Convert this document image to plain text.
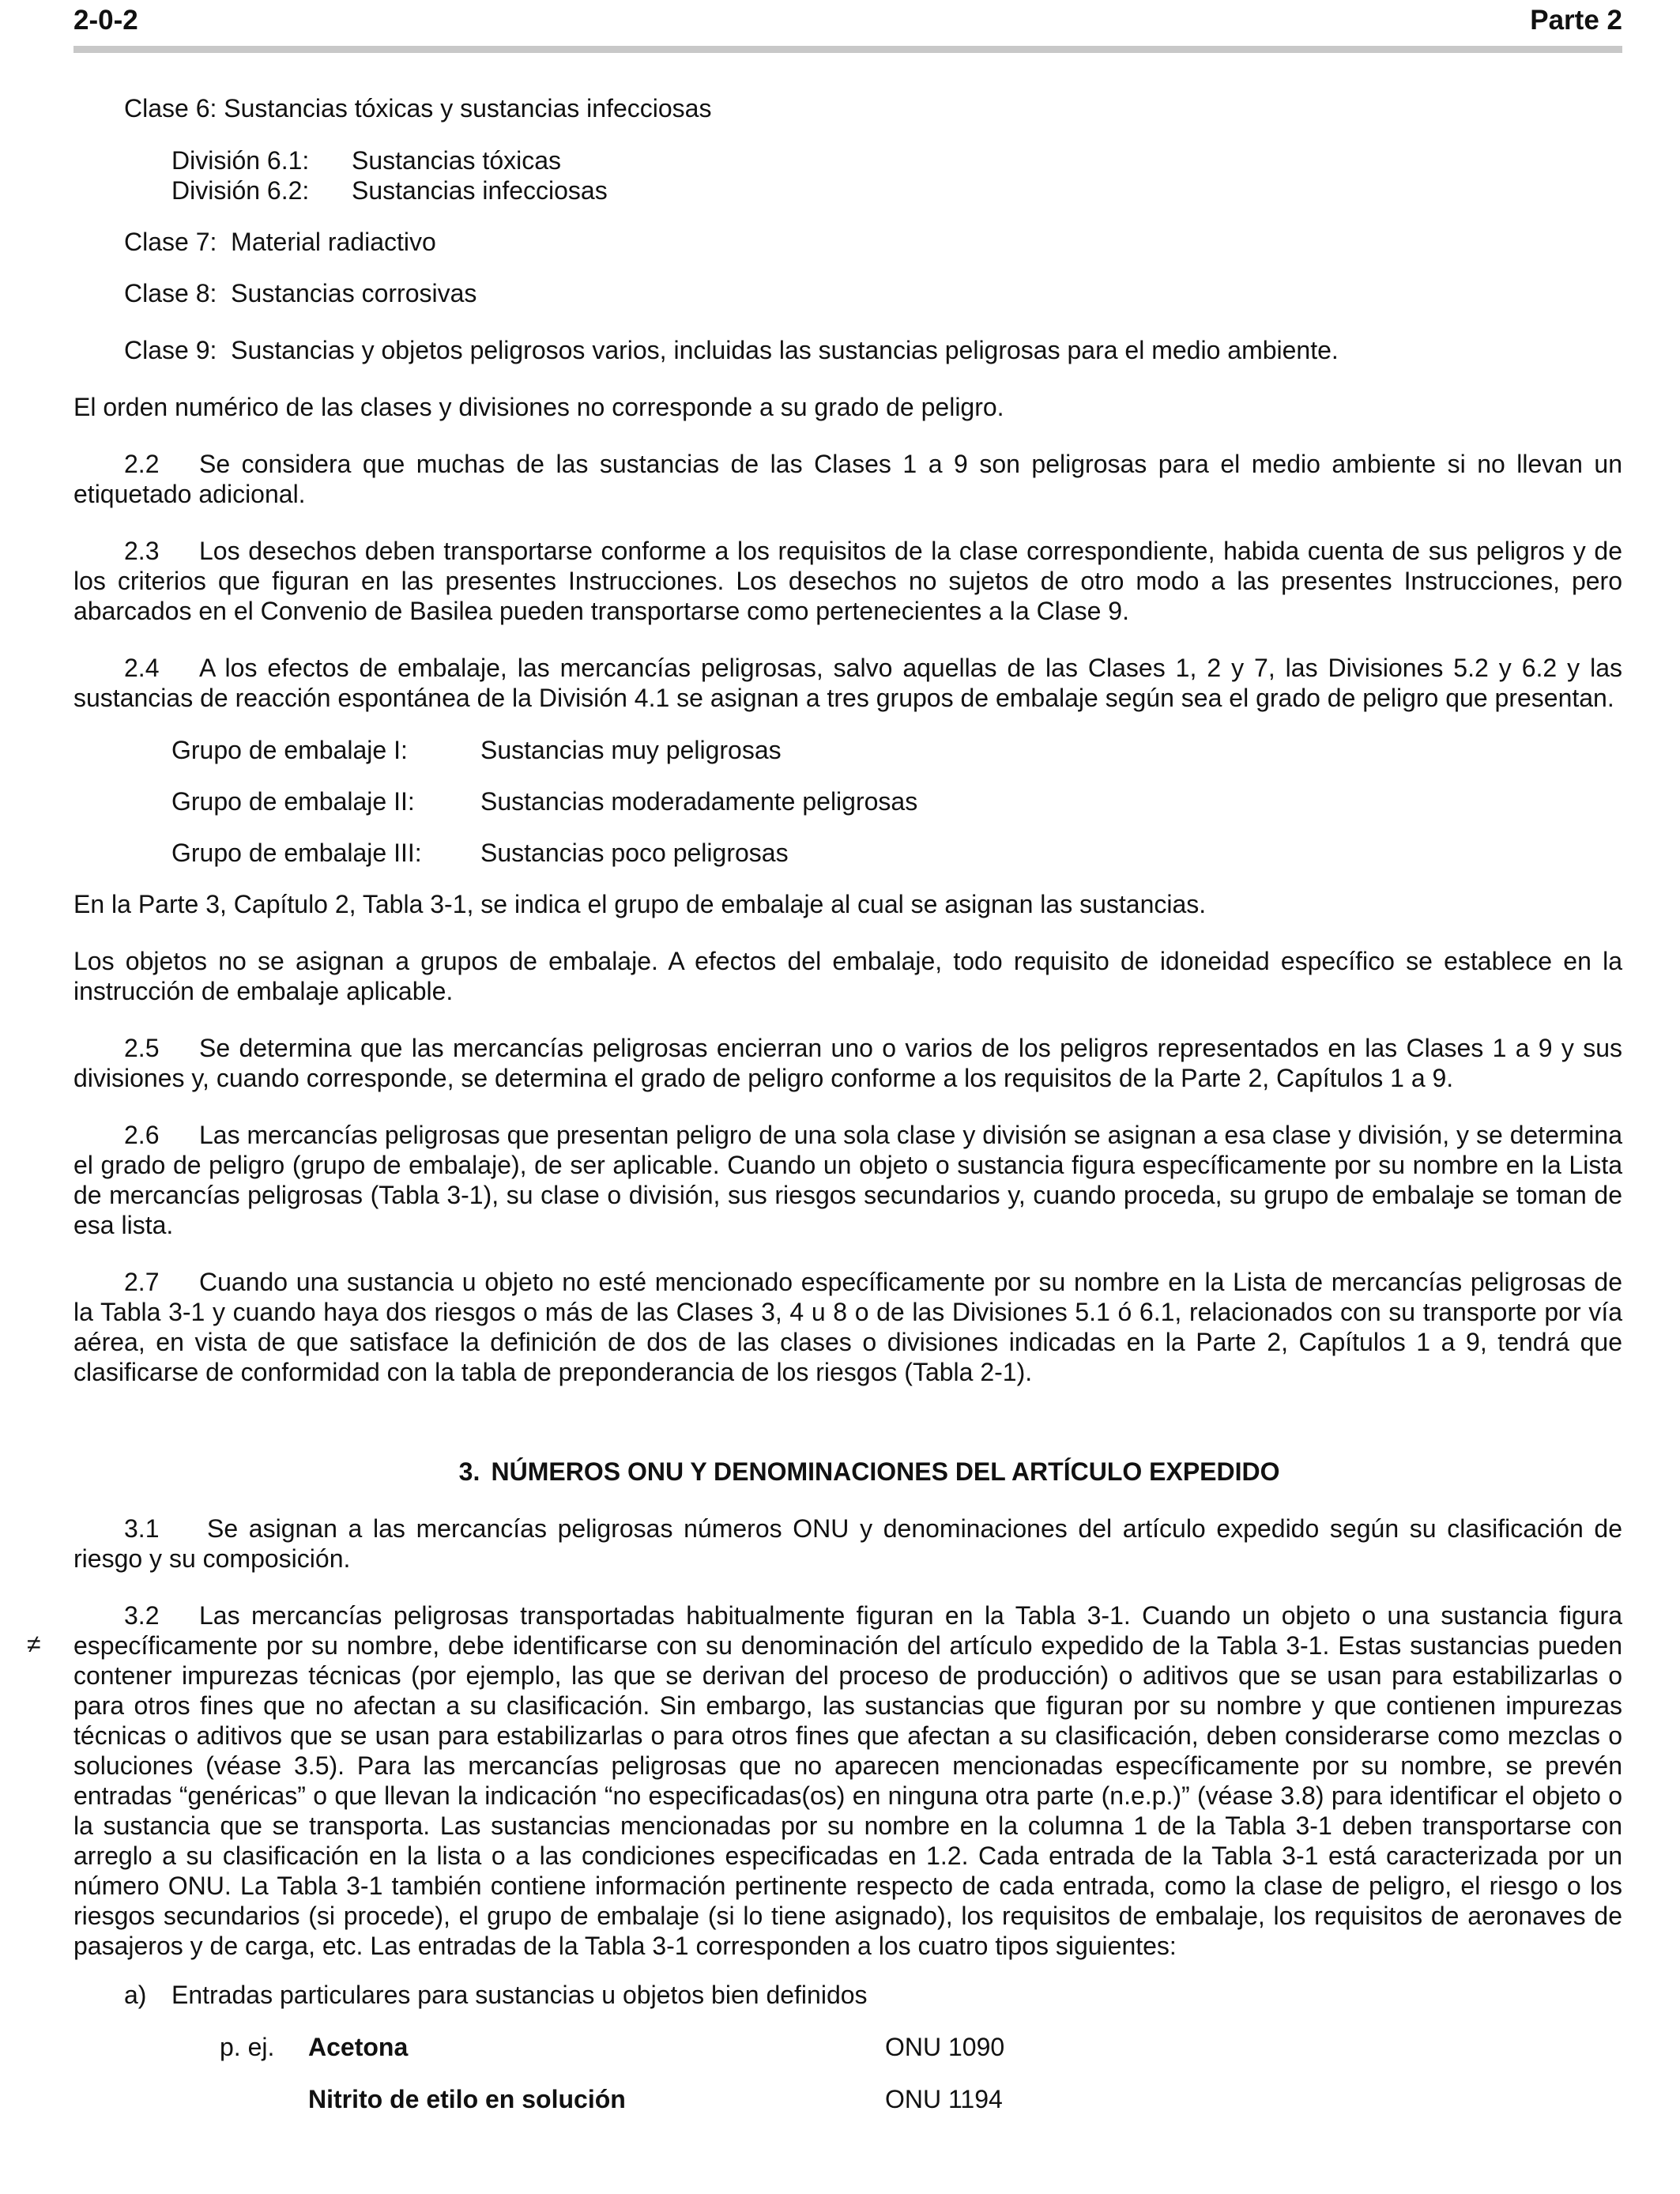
2-0-2	Parte 2
≠

Clase 6: Sustancias tóxicas y sustancias infecciosas

División 6.1:	Sustancias tóxicas
División 6.2:	Sustancias infecciosas

Clase 7:  Material radiactivo

Clase 8:  Sustancias corrosivas

Clase 9:  Sustancias y objetos peligrosos varios, incluidas las sustancias peligrosas para el medio ambiente.

El orden numérico de las clases y divisiones no corresponde a su grado de peligro.

2.2 Se considera que muchas de las sustancias de las Clases 1 a 9 son peligrosas para el medio ambiente si no llevan un etiquetado adicional.

2.3 Los desechos deben transportarse conforme a los requisitos de la clase correspondiente, habida cuenta de sus peligros y de los criterios que figuran en las presentes Instrucciones. Los desechos no sujetos de otro modo a las presentes Instrucciones, pero abarcados en el Convenio de Basilea pueden transportarse como pertenecientes a la Clase 9.

2.4 A los efectos de embalaje, las mercancías peligrosas, salvo aquellas de las Clases 1, 2 y 7, las Divisiones 5.2 y 6.2 y las sustancias de reacción espontánea de la División 4.1 se asignan a tres grupos de embalaje según sea el grado de peligro que presentan.

Grupo de embalaje I:	Sustancias muy peligrosas
Grupo de embalaje II:	Sustancias moderadamente peligrosas
Grupo de embalaje III:	Sustancias poco peligrosas

En la Parte 3, Capítulo 2, Tabla 3-1, se indica el grupo de embalaje al cual se asignan las sustancias.

Los objetos no se asignan a grupos de embalaje. A efectos del embalaje, todo requisito de idoneidad específico se establece en la instrucción de embalaje aplicable.

2.5 Se determina que las mercancías peligrosas encierran uno o varios de los peligros representados en las Clases 1 a 9 y sus divisiones y, cuando corresponde, se determina el grado de peligro conforme a los requisitos de la Parte 2, Capítulos 1 a 9.

2.6 Las mercancías peligrosas que presentan peligro de una sola clase y división se asignan a esa clase y división, y se determina el grado de peligro (grupo de embalaje), de ser aplicable. Cuando un objeto o sustancia figura específicamente por su nombre en la Lista de mercancías peligrosas (Tabla 3-1), su clase o división, sus riesgos secundarios y, cuando proceda, su grupo de embalaje se toman de esa lista.

2.7 Cuando una sustancia u objeto no esté mencionado específicamente por su nombre en la Lista de mercancías peligrosas de la Tabla 3-1 y cuando haya dos riesgos o más de las Clases 3, 4 u 8 o de las Divisiones 5.1 ó 6.1, relacionados con su transporte por vía aérea, en vista de que satisface la definición de dos de las clases o divisiones indicadas en la Parte 2, Capítulos 1 a 9, tendrá que clasificarse de conformidad con la tabla de preponderancia de los riesgos (Tabla 2-1).

3. NÚMEROS ONU Y DENOMINACIONES DEL ARTÍCULO EXPEDIDO

3.1 Se asignan a las mercancías peligrosas números ONU y denominaciones del artículo expedido según su clasificación de riesgo y su composición.

3.2 Las mercancías peligrosas transportadas habitualmente figuran en la Tabla 3-1. Cuando un objeto o una sustancia figura específicamente por su nombre, debe identificarse con su denominación del artículo expedido de la Tabla 3-1. Estas sustancias pueden contener impurezas técnicas (por ejemplo, las que se derivan del proceso de producción) o aditivos que se usan para estabilizarlas o para otros fines que no afectan a su clasificación. Sin embargo, las sustancias que figuran por su nombre y que contienen impurezas técnicas o aditivos que se usan para estabilizarlas o para otros fines que afectan a su clasificación, deben considerarse como mezclas o soluciones (véase 3.5). Para las mercancías peligrosas que no aparecen mencionadas específicamente por su nombre, se prevén entradas “genéricas” o que llevan la indicación “no especificadas(os) en ninguna otra parte (n.e.p.)” (véase 3.8) para identificar el objeto o la sustancia que se transporta. Las sustancias mencionadas por su nombre en la columna 1 de la Tabla 3-1 deben transportarse con arreglo a su clasificación en la lista o a las condiciones especificadas en 1.2. Cada entrada de la Tabla 3-1 está caracterizada por un número ONU. La Tabla 3-1 también contiene información pertinente respecto de cada entrada, como la clase de peligro, el riesgo o los riesgos secundarios (si procede), el grupo de embalaje (si lo tiene asignado), los requisitos de embalaje, los requisitos de aeronaves de pasajeros y de carga, etc. Las entradas de la Tabla 3-1 corresponden a los cuatro tipos siguientes:

a) Entradas particulares para sustancias u objetos bien definidos

p. ej.	Acetona	ONU 1090
Nitrito de etilo en solución	ONU 1194
